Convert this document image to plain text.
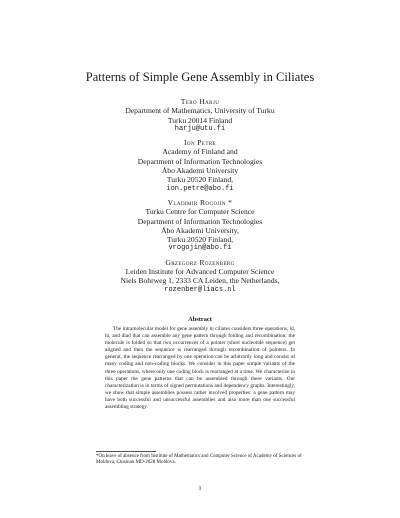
Patterns of Simple Gene Assembly in Ciliates
Tero Harju
Department of Mathematics, University of Turku
Turku 20014 Finland
harju@utu.fi
Ion Petre
Academy of Finland and
Department of Information Technologies
Åbo Akademi University
Turku 20520 Finland,
ion.petre@abo.fi
Vladimir Rogojin *
Turku Centre for Computer Science
Department of Information Technologies
Åbo Akademi University,
Turku 20520 Finland,
vrogojin@abo.fi
Grzegorz Rozenberg
Leiden Institute for Advanced Computer Science
Niels Bohrweg 1, 2333 CA Leiden, the Netherlands,
rozenber@liacs.nl
Abstract

The intramolecular model for gene assembly in ciliates considers three operations, ld, hi, and dlad that can assemble any gene pattern through folding and recombination: the molecule is folded so that two occurrences of a pointer (short nucleotide sequence) get aligned and then the sequence is rearranged through recombination of pointers. In general, the sequence rearranged by one operation can be arbitrarily long and consist of many coding and non-coding blocks. We consider in this paper simple variants of the three operations, where only one coding block is rearranged at a time. We characterize in this paper the gene patterns that can be assembled through these variants. Our characterization is in terms of signed permutations and dependency graphs. Interestingly, we show that simple assemblies possess rather involved properties: a gene pattern may have both successful and unsuccessful assemblies and also more than one successful assembling strategy.

*On leave of absence from Institute of Mathematics and Computer Science of Academy of Sciences of Moldova, Chisinau MD-2028 Moldova.

1
